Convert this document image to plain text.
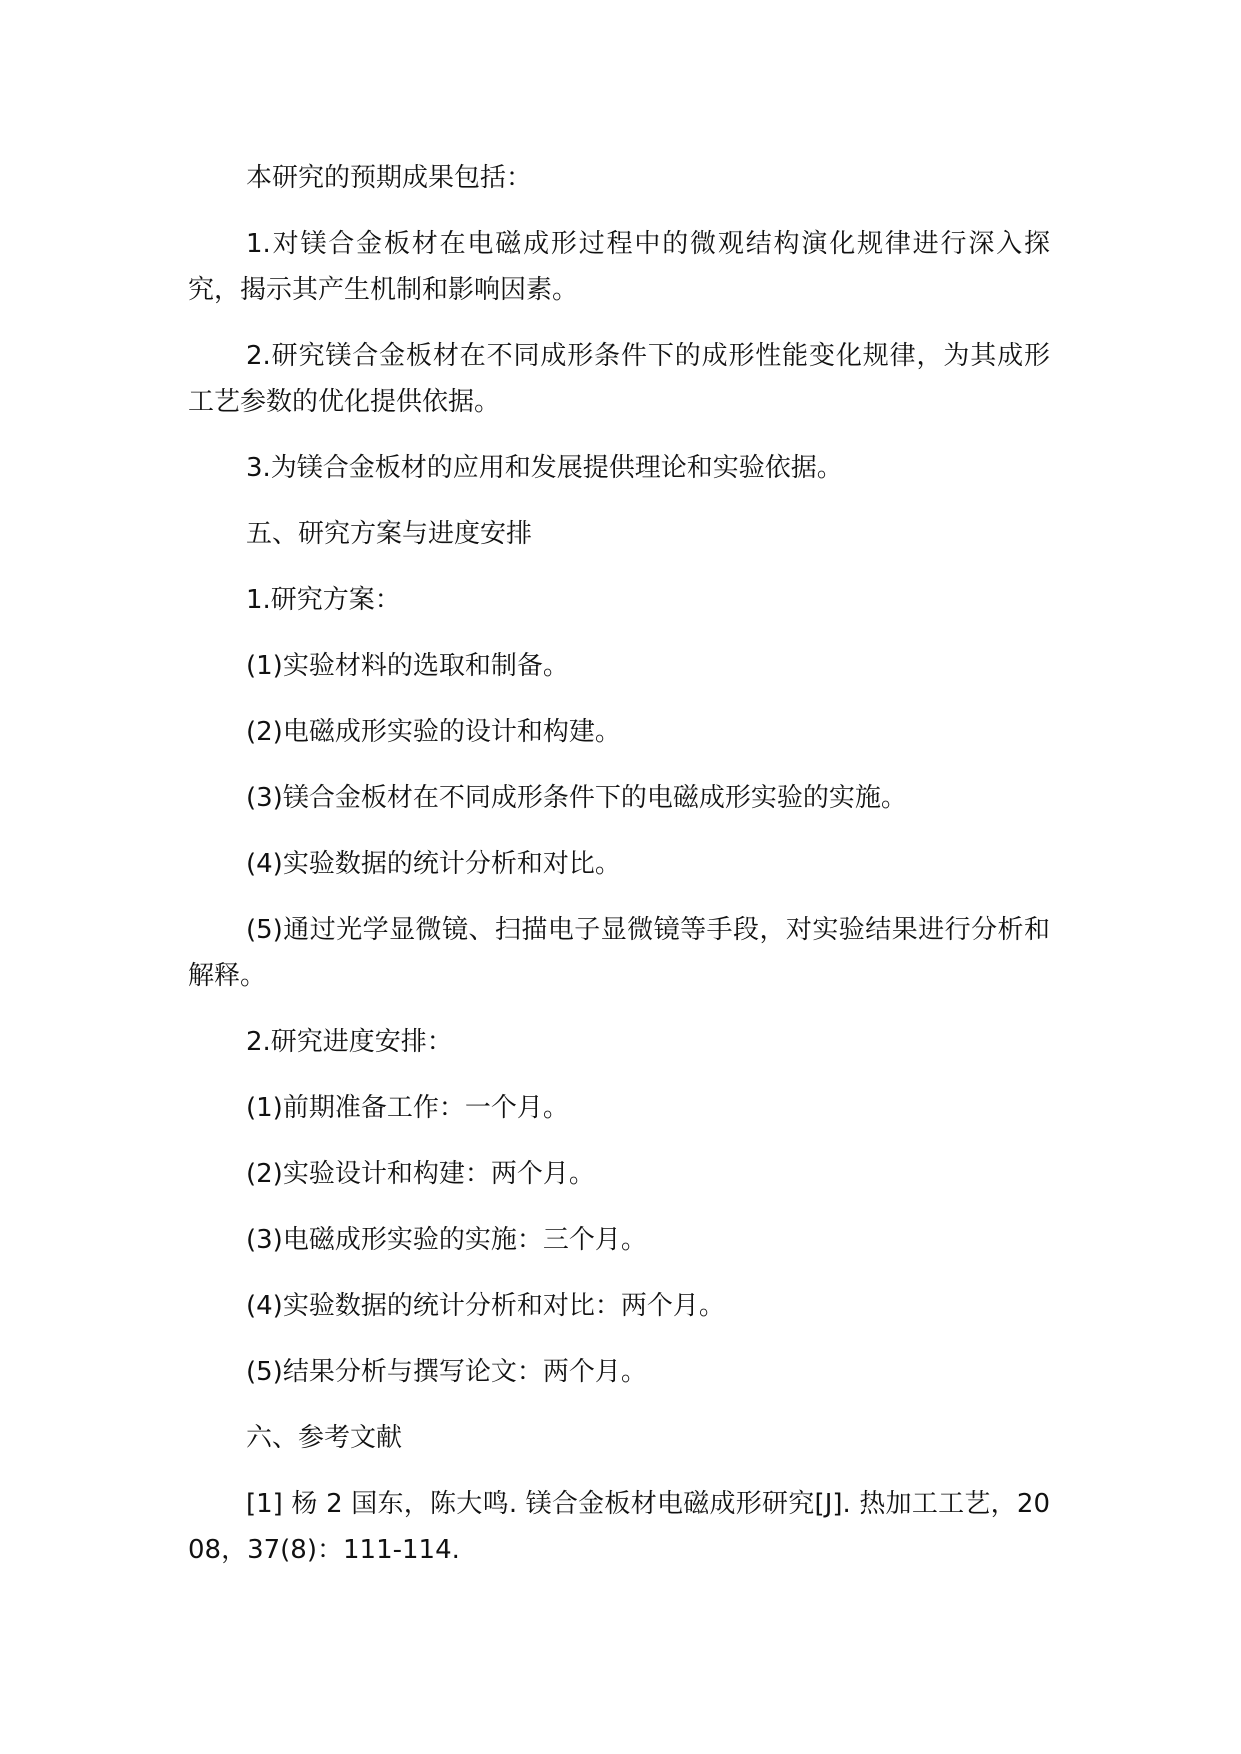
本研究的预期成果包括：

1.对镁合金板材在电磁成形过程中的微观结构演化规律进行深入探究，揭示其产生机制和影响因素。

2.研究镁合金板材在不同成形条件下的成形性能变化规律，为其成形工艺参数的优化提供依据。

3.为镁合金板材的应用和发展提供理论和实验依据。

五、研究方案与进度安排

1.研究方案：

(1)实验材料的选取和制备。

(2)电磁成形实验的设计和构建。

(3)镁合金板材在不同成形条件下的电磁成形实验的实施。

(4)实验数据的统计分析和对比。

(5)通过光学显微镜、扫描电子显微镜等手段，对实验结果进行分析和解释。

2.研究进度安排：

(1)前期准备工作：一个月。

(2)实验设计和构建：两个月。

(3)电磁成形实验的实施：三个月。

(4)实验数据的统计分析和对比：两个月。

(5)结果分析与撰写论文：两个月。

六、参考文献

[1] 杨 2 国东，陈大鸣. 镁合金板材电磁成形研究[J]. 热加工工艺，2008，37(8)：111-114.
